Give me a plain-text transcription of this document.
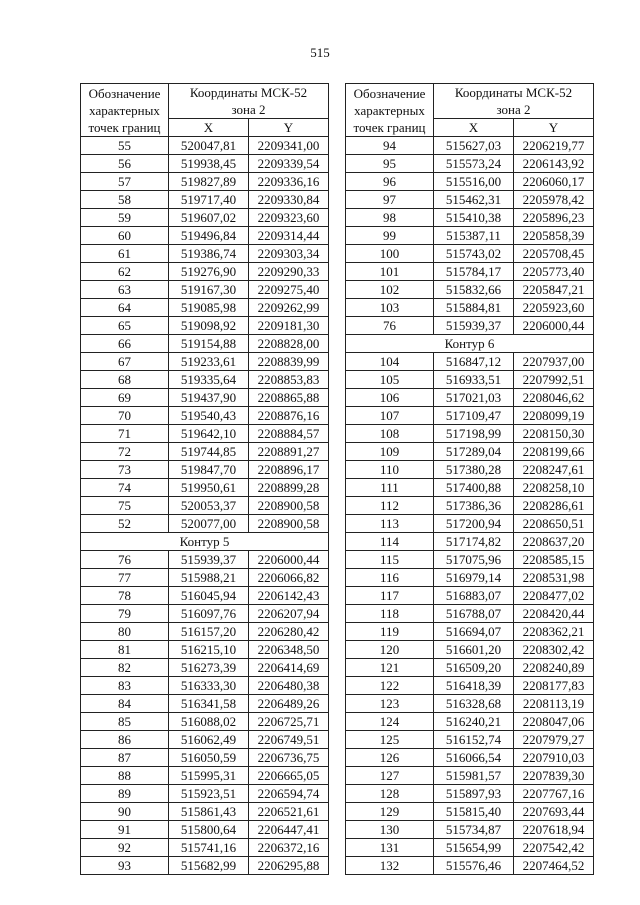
515
Обозначение
характерных
точек границ	Координаты МСК-52
зона 2	
	X	Y
55	520047,81	2209341,00
56	519938,45	2209339,54
57	519827,89	2209336,16
58	519717,40	2209330,84
59	519607,02	2209323,60
60	519496,84	2209314,44
61	519386,74	2209303,34
62	519276,90	2209290,33
63	519167,30	2209275,40
64	519085,98	2209262,99
65	519098,92	2209181,30
66	519154,88	2208828,00
67	519233,61	2208839,99
68	519335,64	2208853,83
69	519437,90	2208865,88
70	519540,43	2208876,16
71	519642,10	2208884,57
72	519744,85	2208891,27
73	519847,70	2208896,17
74	519950,61	2208899,28
75	520053,37	2208900,58
52	520077,00	2208900,58
Контур 5		
76	515939,37	2206000,44
77	515988,21	2206066,82
78	516045,94	2206142,43
79	516097,76	2206207,94
80	516157,20	2206280,42
81	516215,10	2206348,50
82	516273,39	2206414,69
83	516333,30	2206480,38
84	516341,58	2206489,26
85	516088,02	2206725,71
86	516062,49	2206749,51
87	516050,59	2206736,75
88	515995,31	2206665,05
89	515923,51	2206594,74
90	515861,43	2206521,61
91	515800,64	2206447,41
92	515741,16	2206372,16
93	515682,99	2206295,88
Обозначение
характерных
точек границ	Координаты МСК-52
зона 2	
	X	Y
94	515627,03	2206219,77
95	515573,24	2206143,92
96	515516,00	2206060,17
97	515462,31	2205978,42
98	515410,38	2205896,23
99	515387,11	2205858,39
100	515743,02	2205708,45
101	515784,17	2205773,40
102	515832,66	2205847,21
103	515884,81	2205923,60
76	515939,37	2206000,44
Контур 6		
104	516847,12	2207937,00
105	516933,51	2207992,51
106	517021,03	2208046,62
107	517109,47	2208099,19
108	517198,99	2208150,30
109	517289,04	2208199,66
110	517380,28	2208247,61
111	517400,88	2208258,10
112	517386,36	2208286,61
113	517200,94	2208650,51
114	517174,82	2208637,20
115	517075,96	2208585,15
116	516979,14	2208531,98
117	516883,07	2208477,02
118	516788,07	2208420,44
119	516694,07	2208362,21
120	516601,20	2208302,42
121	516509,20	2208240,89
122	516418,39	2208177,83
123	516328,68	2208113,19
124	516240,21	2208047,06
125	516152,74	2207979,27
126	516066,54	2207910,03
127	515981,57	2207839,30
128	515897,93	2207767,16
129	515815,40	2207693,44
130	515734,87	2207618,94
131	515654,99	2207542,42
132	515576,46	2207464,52
